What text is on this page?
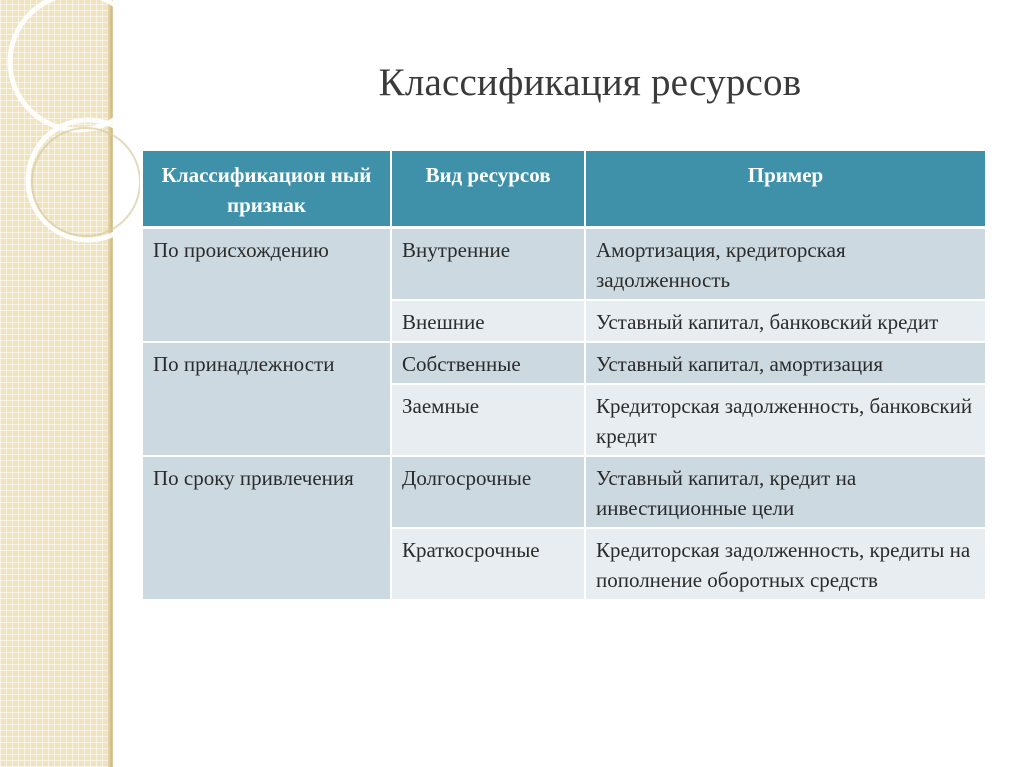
Классификация ресурсов
Классификацион ный признак	Вид ресурсов	Пример
По происхождению	Внутренние	Амортизация, кредиторская задолженность
	Внешние	Уставный капитал, банковский кредит
По принадлежности	Собственные	Уставный капитал, амортизация
	Заемные	Кредиторская задолженность, банковский кредит
По сроку привлечения	Долгосрочные	Уставный капитал, кредит на инвестиционные цели
	Краткосрочные	Кредиторская задолженность, кредиты на пополнение оборотных средств
